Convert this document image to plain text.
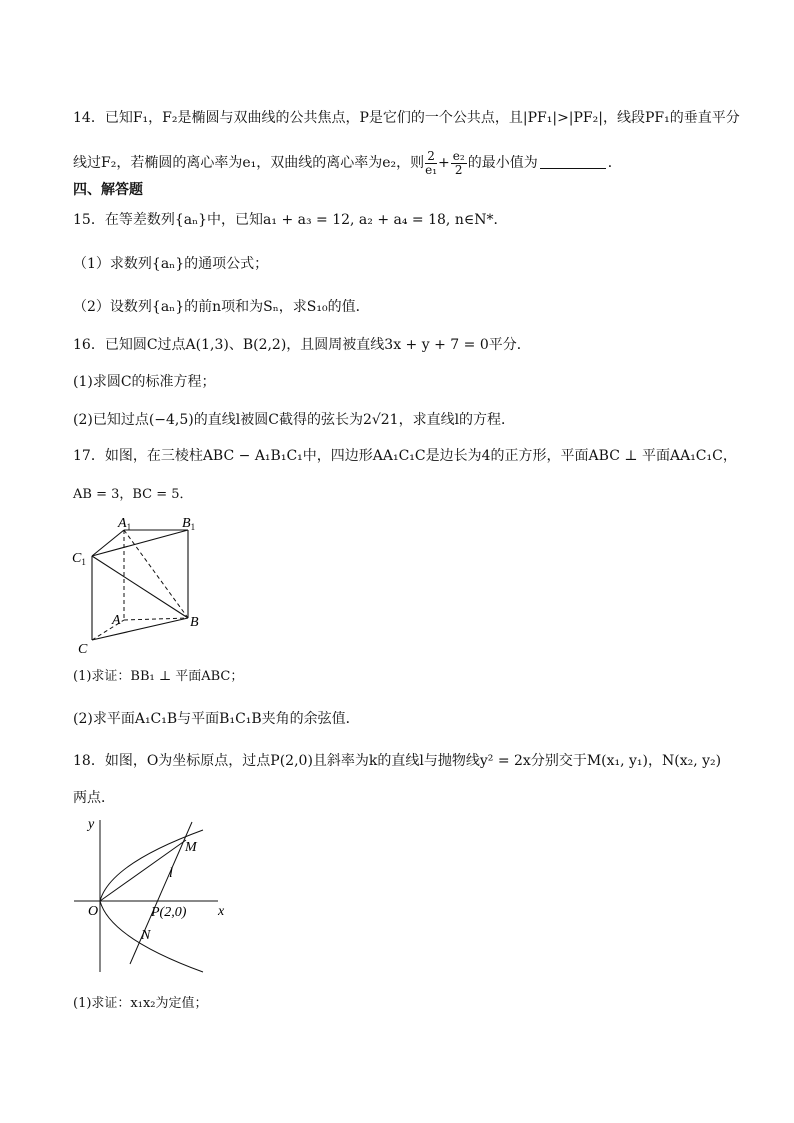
14．已知F₁，F₂是椭圆与双曲线的公共焦点，P是它们的一个公共点，且|PF₁|>|PF₂|，线段PF₁的垂直平分
线过F₂，若椭圆的离心率为e₁，双曲线的离心率为e₂，则 $\frac{2}{\text{e₁}} + \frac{\text{e₂}}{2}$ 的最小值为	．
四、解答题
15．在等差数列{aₙ}中，已知a₁ + a₃ = 12, a₂ + a₄ = 18, n∈N*．
（1）求数列{aₙ}的通项公式；
（2）设数列{aₙ}的前n项和为Sₙ，求S₁₀的值．
16．已知圆C过点A(1,3)、B(2,2)，且圆周被直线3x + y + 7 = 0平分．
(1)求圆C的标准方程；
(2)已知过点(−4,5)的直线l被圆C截得的弦长为2√21，求直线l的方程．
17．如图，在三棱柱ABC − A₁B₁C₁中，四边形AA₁C₁C是边长为4的正方形，平面ABC ⊥ 平面AA₁C₁C，
AB = 3，BC = 5．
$A_1$	$B_1$
$C_1$
A	B
C
(1)求证：BB₁ ⊥ 平面ABC；
(2)求平面A₁C₁B与平面B₁C₁B夹角的余弦值．
18．如图，O为坐标原点，过点P(2,0)且斜率为k的直线l与抛物线y² = 2x分别交于M(x₁, y₁)，N(x₂, y₂)
两点．
y
x
O
M
N
l
P(2,0)
(1)求证：x₁x₂为定值；
